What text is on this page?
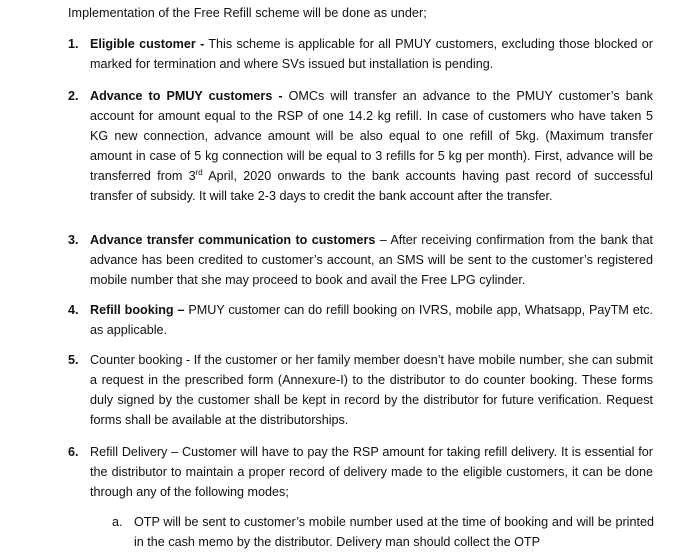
Implementation of the Free Refill scheme will be done as under;
1. Eligible customer - This scheme is applicable for all PMUY customers, excluding those blocked or marked for termination and where SVs issued but installation is pending.
2. Advance to PMUY customers - OMCs will transfer an advance to the PMUY customer’s bank account for amount equal to the RSP of one 14.2 kg refill. In case of customers who have taken 5 KG new connection, advance amount will be also equal to one refill of 5kg. (Maximum transfer amount in case of 5 kg connection will be equal to 3 refills for 5 kg per month). First, advance will be transferred from 3rd April, 2020 onwards to the bank accounts having past record of successful transfer of subsidy. It will take 2-3 days to credit the bank account after the transfer.
3. Advance transfer communication to customers – After receiving confirmation from the bank that advance has been credited to customer’s account, an SMS will be sent to the customer’s registered mobile number that she may proceed to book and avail the Free LPG cylinder.
4. Refill booking – PMUY customer can do refill booking on IVRS, mobile app, Whatsapp, PayTM etc. as applicable.
5. Counter booking - If the customer or her family member doesn’t have mobile number, she can submit a request in the prescribed form (Annexure-I) to the distributor to do counter booking. These forms duly signed by the customer shall be kept in record by the distributor for future verification. Request forms shall be available at the distributorships.
6. Refill Delivery – Customer will have to pay the RSP amount for taking refill delivery. It is essential for the distributor to maintain a proper record of delivery made to the eligible customers, it can be done through any of the following modes;
a. OTP will be sent to customer’s mobile number used at the time of booking and will be printed in the cash memo by the distributor. Delivery man should collect the OTP
